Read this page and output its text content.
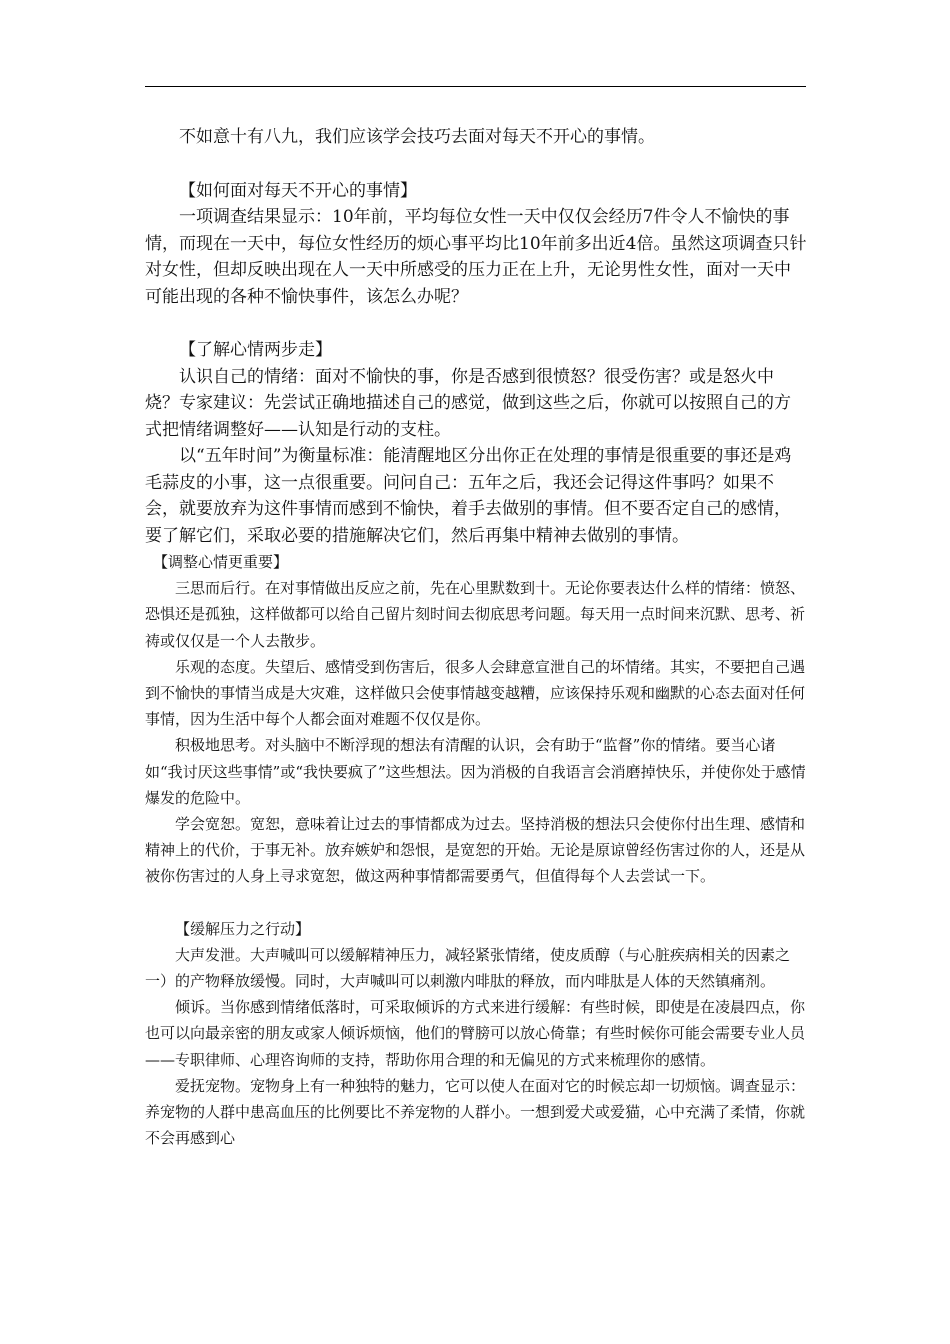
不如意十有八九，我们应该学会技巧去面对每天不开心的事情。

【如何面对每天不开心的事情】

一项调查结果显示：10年前，平均每位女性一天中仅仅会经历7件令人不愉快的事情，而现在一天中，每位女性经历的烦心事平均比10年前多出近4倍。虽然这项调查只针对女性，但却反映出现在人一天中所感受的压力正在上升，无论男性女性，面对一天中可能出现的各种不愉快事件，该怎么办呢？

【了解心情两步走】

认识自己的情绪：面对不愉快的事，你是否感到很愤怒？很受伤害？或是怒火中烧？专家建议：先尝试正确地描述自己的感觉，做到这些之后，你就可以按照自己的方式把情绪调整好——认知是行动的支柱。

以“五年时间”为衡量标准：能清醒地区分出你正在处理的事情是很重要的事还是鸡毛蒜皮的小事，这一点很重要。问问自己：五年之后，我还会记得这件事吗？如果不会，就要放弃为这件事情而感到不愉快，着手去做别的事情。但不要否定自己的感情，要了解它们，采取必要的措施解决它们，然后再集中精神去做别的事情。

【调整心情更重要】

三思而后行。在对事情做出反应之前，先在心里默数到十。无论你要表达什么样的情绪：愤怒、恐惧还是孤独，这样做都可以给自己留片刻时间去彻底思考问题。每天用一点时间来沉默、思考、祈祷或仅仅是一个人去散步。

乐观的态度。失望后、感情受到伤害后，很多人会肆意宣泄自己的坏情绪。其实，不要把自己遇到不愉快的事情当成是大灾难，这样做只会使事情越变越糟，应该保持乐观和幽默的心态去面对任何事情，因为生活中每个人都会面对难题不仅仅是你。

积极地思考。对头脑中不断浮现的想法有清醒的认识，会有助于“监督”你的情绪。要当心诸如“我讨厌这些事情”或“我快要疯了”这些想法。因为消极的自我语言会消磨掉快乐，并使你处于感情爆发的危险中。

学会宽恕。宽恕，意味着让过去的事情都成为过去。坚持消极的想法只会使你付出生理、感情和精神上的代价，于事无补。放弃嫉妒和怨恨，是宽恕的开始。无论是原谅曾经伤害过你的人，还是从被你伤害过的人身上寻求宽恕，做这两种事情都需要勇气，但值得每个人去尝试一下。

【缓解压力之行动】

大声发泄。大声喊叫可以缓解精神压力，减轻紧张情绪，使皮质醇（与心脏疾病相关的因素之一）的产物释放缓慢。同时，大声喊叫可以刺激内啡肽的释放，而内啡肽是人体的天然镇痛剂。

倾诉。当你感到情绪低落时，可采取倾诉的方式来进行缓解：有些时候，即使是在凌晨四点，你也可以向最亲密的朋友或家人倾诉烦恼，他们的臂膀可以放心倚靠；有些时候你可能会需要专业人员——专职律师、心理咨询师的支持，帮助你用合理的和无偏见的方式来梳理你的感情。

爱抚宠物。宠物身上有一种独特的魅力，它可以使人在面对它的时候忘却一切烦恼。调查显示：养宠物的人群中患高血压的比例要比不养宠物的人群小。一想到爱犬或爱猫，心中充满了柔情，你就不会再感到心
